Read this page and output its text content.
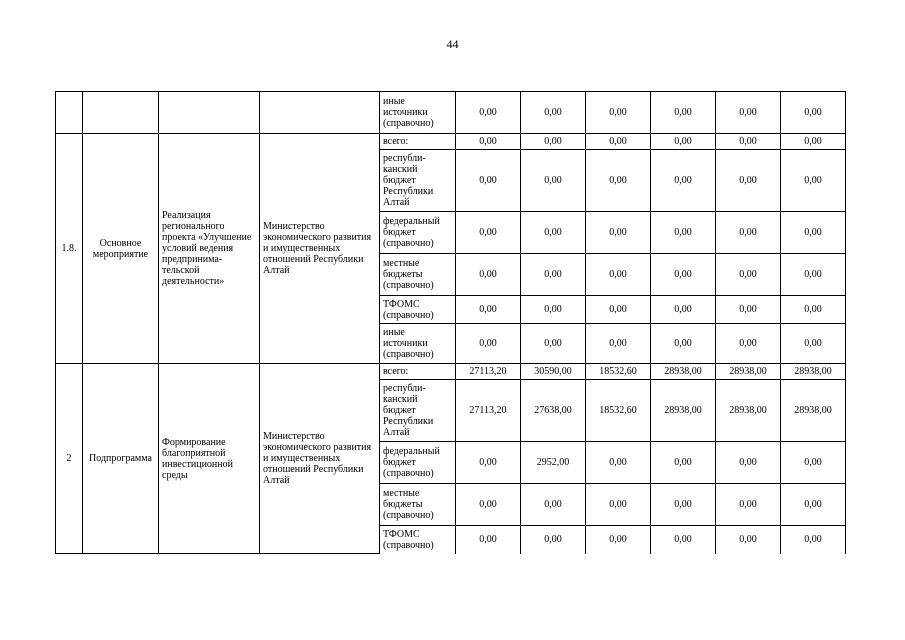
44
				иные источники (справочно)	0,00	0,00	0,00	0,00	0,00	0,00
1.8.	Основное мероприятие	Реализация регионального проекта «Улучшение условий ведения предпринимательской деятельности»	Министерство экономического развития и имущественных отношений Республики Алтай	всего:	0,00	0,00	0,00	0,00	0,00	0,00
				республиканский бюджет Республики Алтай	0,00	0,00	0,00	0,00	0,00	0,00
				федеральный бюджет (справочно)	0,00	0,00	0,00	0,00	0,00	0,00
				местные бюджеты (справочно)	0,00	0,00	0,00	0,00	0,00	0,00
				ТФОМС (справочно)	0,00	0,00	0,00	0,00	0,00	0,00
				иные источники (справочно)	0,00	0,00	0,00	0,00	0,00	0,00
2	Подпрограмма	Формирование благоприятной инвестиционной среды	Министерство экономического развития и имущественных отношений Республики Алтай	всего:	27113,20	30590,00	18532,60	28938,00	28938,00	28938,00
				республиканский бюджет Республики Алтай	27113,20	27638,00	18532,60	28938,00	28938,00	28938,00
				федеральный бюджет (справочно)	0,00	2952,00	0,00	0,00	0,00	0,00
				местные бюджеты (справочно)	0,00	0,00	0,00	0,00	0,00	0,00
				ТФОМС (справочно)	0,00	0,00	0,00	0,00	0,00	0,00
